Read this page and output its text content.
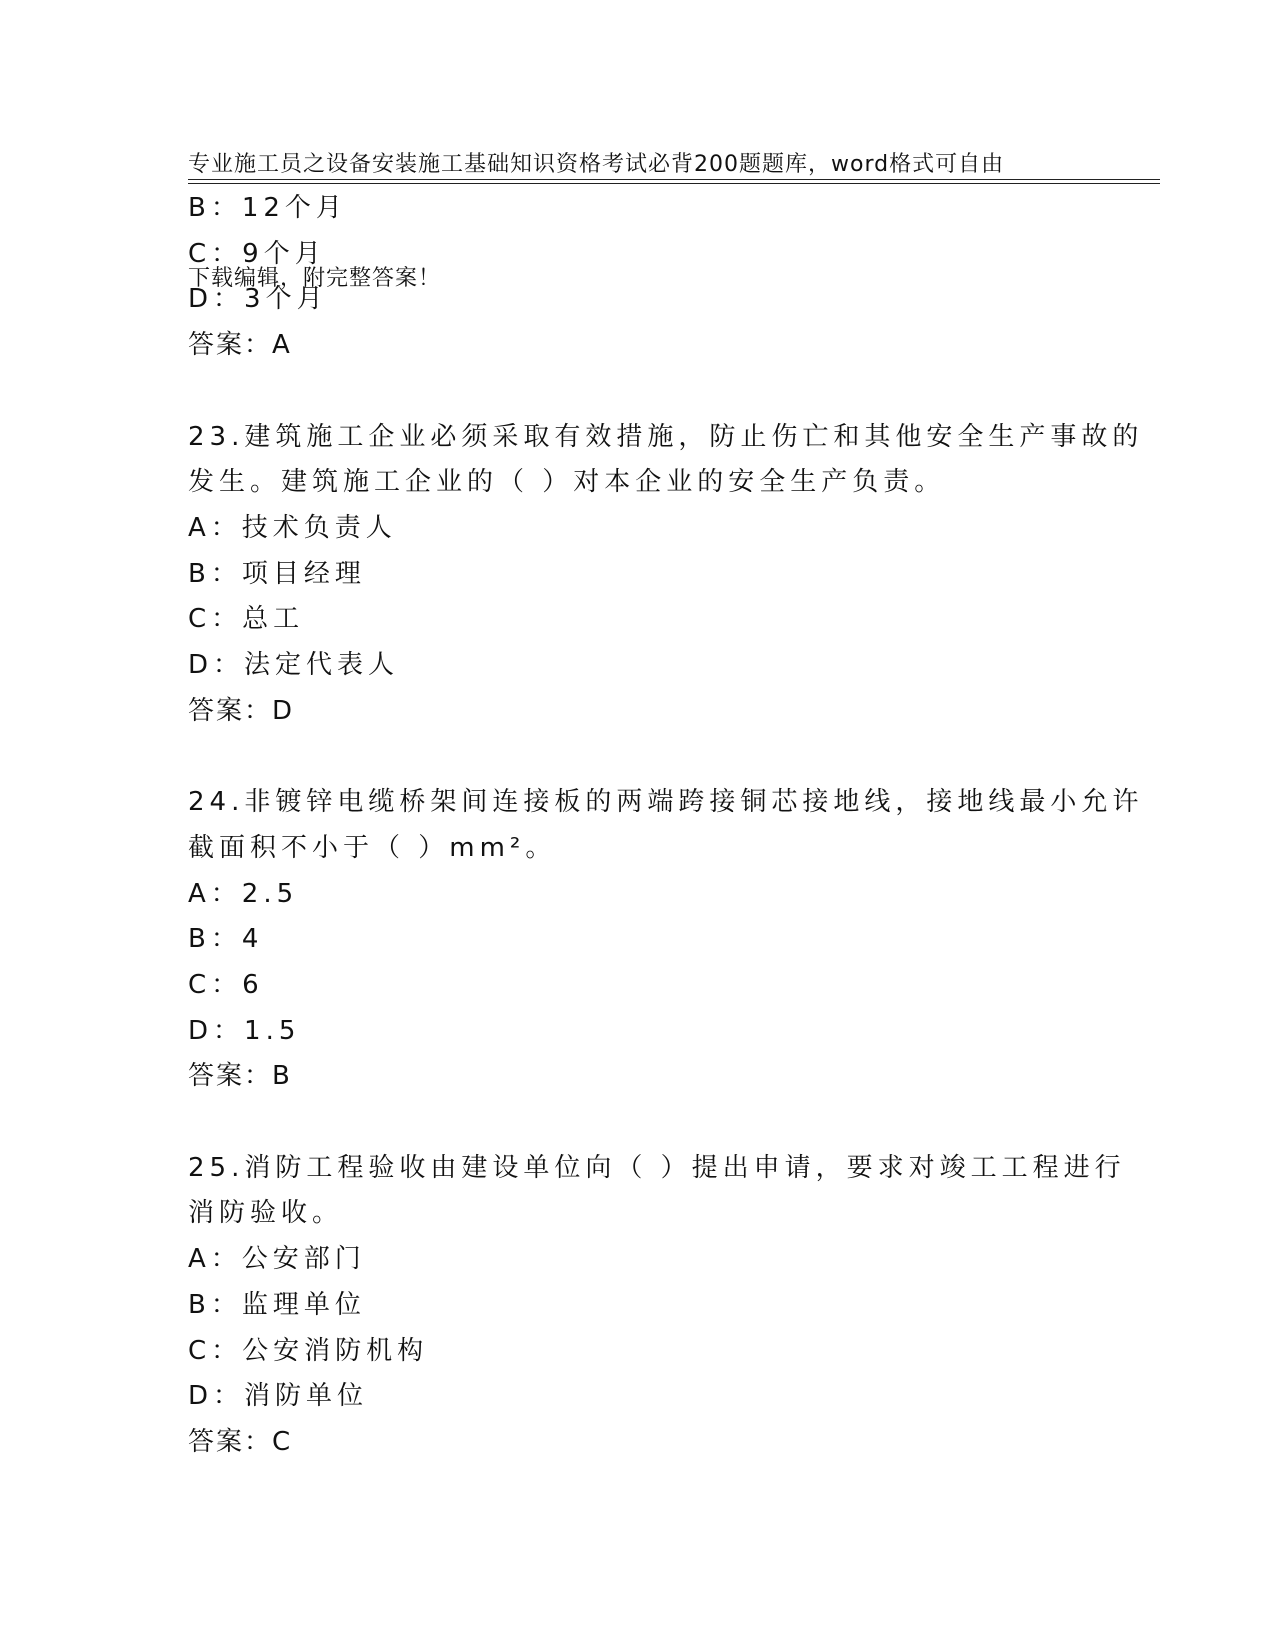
专业施工员之设备安装施工基础知识资格考试必背200题题库，word格式可自由

下载编辑，附完整答案！

B：12个月
C：9个月
D：3个月
答案：A
23.建筑施工企业必须采取有效措施，防止伤亡和其他安全生产事故的
发生。建筑施工企业的（ ）对本企业的安全生产负责。
A：技术负责人
B：项目经理
C：总工
D：法定代表人
答案：D
24.非镀锌电缆桥架间连接板的两端跨接铜芯接地线，接地线最小允许
截面积不小于（ ）mm²。
A：2.5
B：4
C：6
D：1.5
答案：B
25.消防工程验收由建设单位向（ ）提出申请，要求对竣工工程进行
消防验收。
A：公安部门
B：监理单位
C：公安消防机构
D：消防单位
答案：C
